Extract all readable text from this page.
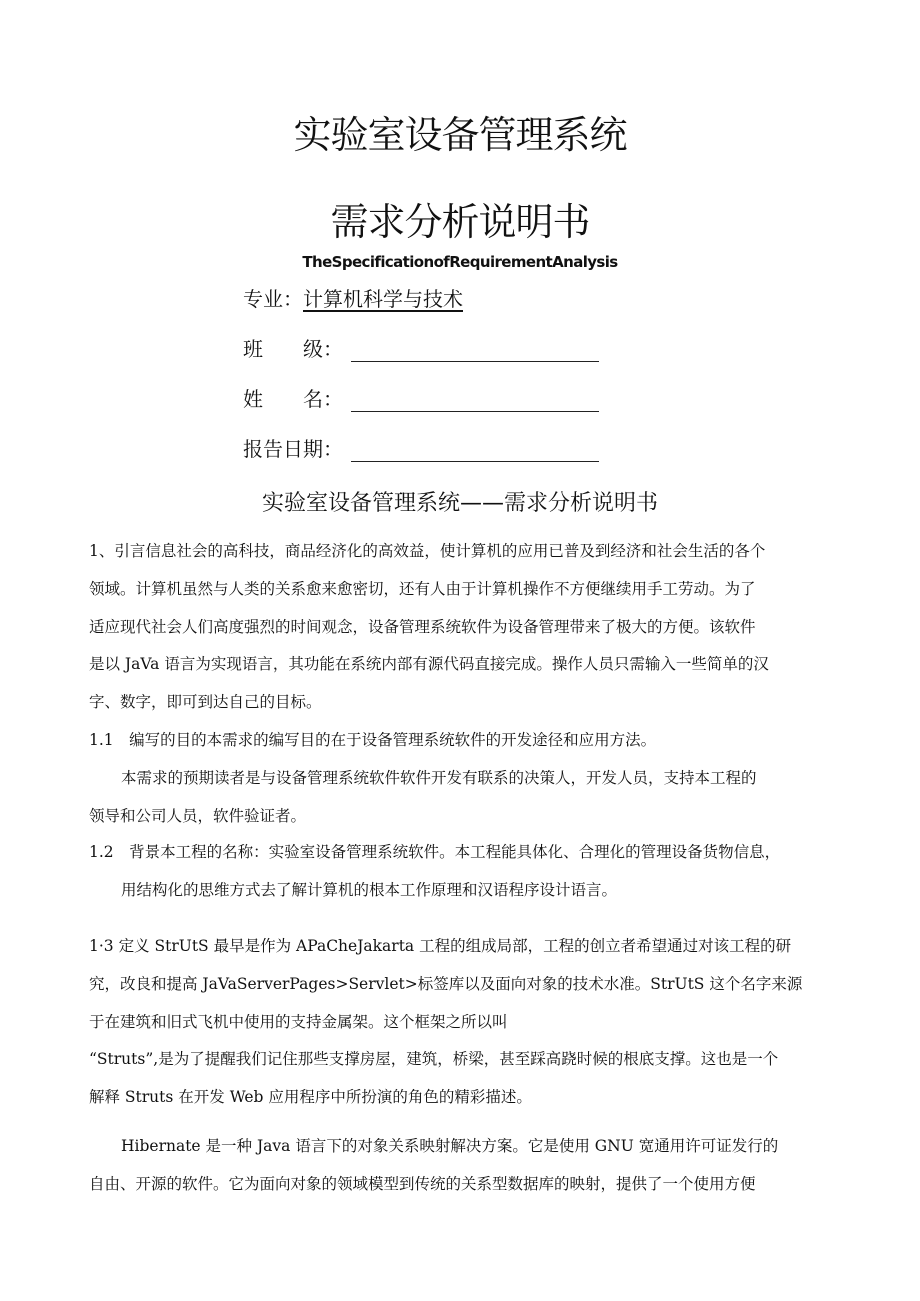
实验室设备管理系统
需求分析说明书
TheSpecificationofRequirementAnalysis
专业：计算机科学与技术
班　　级：
姓　　名：
报告日期：
实验室设备管理系统——需求分析说明书
1、引言信息社会的高科技，商品经济化的高效益，使计算机的应用已普及到经济和社会生活的各个
领域。计算机虽然与人类的关系愈来愈密切，还有人由于计算机操作不方便继续用手工劳动。为了
适应现代社会人们高度强烈的时间观念，设备管理系统软件为设备管理带来了极大的方便。该软件
是以 JaVa 语言为实现语言，其功能在系统内部有源代码直接完成。操作人员只需输入一些简单的汉
字、数字，即可到达自己的目标。
1.1　编写的目的本需求的编写目的在于设备管理系统软件的开发途径和应用方法。
本需求的预期读者是与设备管理系统软件软件开发有联系的决策人，开发人员，支持本工程的
领导和公司人员，软件验证者。
1.2　背景本工程的名称：实验室设备管理系统软件。本工程能具体化、合理化的管理设备货物信息，
用结构化的思维方式去了解计算机的根本工作原理和汉语程序设计语言。
1·3 定义 StrUtS 最早是作为 APaCheJakarta 工程的组成局部，工程的创立者希望通过对该工程的研
究，改良和提高 JaVaServerPages>Servlet>标签库以及面向对象的技术水准。StrUtS 这个名字来源
于在建筑和旧式飞机中使用的支持金属架。这个框架之所以叫
“Struts”,是为了提醒我们记住那些支撑房屋，建筑，桥梁，甚至踩高跷时候的根底支撑。这也是一个
解释 Struts 在开发 Web 应用程序中所扮演的角色的精彩描述。
Hibernate 是一种 Java 语言下的对象关系映射解决方案。它是使用 GNU 宽通用许可证发行的
自由、开源的软件。它为面向对象的领域模型到传统的关系型数据库的映射，提供了一个使用方便
